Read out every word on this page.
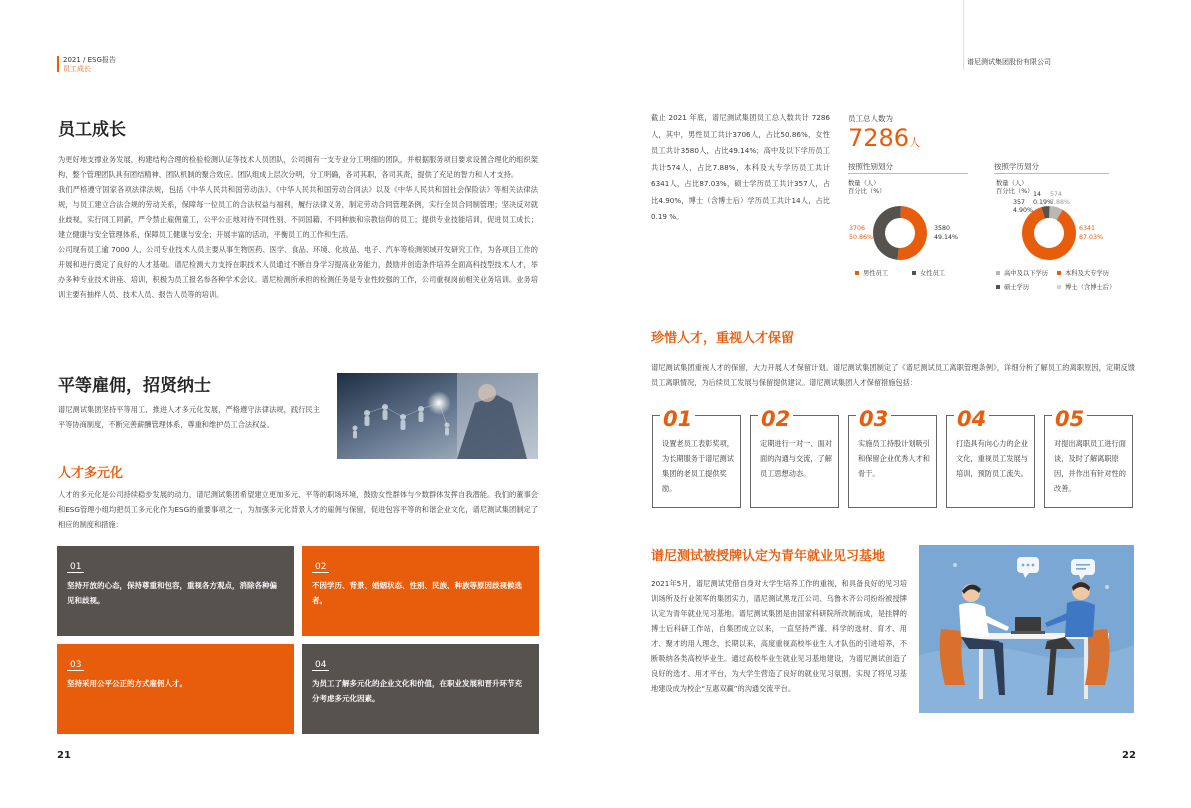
2021 / ESG报告
员工成长
谱尼测试集团股份有限公司
员工成长

为更好地支撑业务发展，构建结构合理的检验检测认证等技术人员团队，公司拥有一支专业分工明细的团队，并根据服务项目要求设置合理化的组织架构，整个管理团队具有团结精神、团队机制的聚合效应。团队组成上层次分明，分工明确，各司其职，各司其责，提供了充足的智力和人才支持。

我们严格遵守国家各项法律法规，包括《中华人民共和国劳动法》、《中华人民共和国劳动合同法》以及《中华人民共和国社会保险法》等相关法律法规，与员工建立合法合规的劳动关系，保障每一位员工的合法权益与福利，履行法律义务，制定劳动合同管理条例，实行全员合同制管理；坚决反对就业歧视，实行同工同薪，严令禁止雇佣童工，公平公正地对待不同性别、不同国籍、不同种族和宗教信仰的员工；提供专业技能培训，促进员工成长；建立健康与安全管理体系，保障员工健康与安全；开展丰富的活动，平衡员工的工作和生活。

公司现有员工逾 7000 人，公司专业技术人员主要从事生物医药、医学、食品、环境、化妆品、电子、汽车等检测领域开发研究工作，为各项目工作的开展和进行奠定了良好的人才基础。谱尼检测大力支持在职技术人员通过不断自身学习提高业务能力，鼓励并创造条件培养全面高科技型技术人才，举办多种专业技术讲座、培训，积极为员工报名参各种学术会议。谱尼检测所承担的检测任务是专业性较强的工作，公司重视岗前相关业务培训。业务培训主要有抽样人员、技术人员、报告人员等的培训。

平等雇佣，招贤纳士
谱尼测试集团坚持平等用工，推进人才多元化发展，严格遵守法律法规，践行民主平等协商制度，不断完善薪酬管理体系，尊重和维护员工合法权益。
人才多元化
人才的多元化是公司持续稳步发展的动力，谱尼测试集团希望建立更加多元、平等的职场环境，鼓励女性群体与少数群体发挥自我潜能。我们的董事会和ESG管理小组均把员工多元化作为ESG的重要事项之一，为加强多元化背景人才的雇佣与保留，促进包容平等的和谐企业文化，谱尼测试集团制定了相应的制度和措施：
01
坚持开放的心态，保持尊重和包容，重视各方观点，消除各种偏见和歧视。
02
不因学历、背景、婚姻状态、性别、民族、种族等原因歧视候选者。
03
坚持采用公平公正的方式雇佣人才。
04
为员工了解多元化的企业文化和价值，在职业发展和晋升环节充分考虑多元化因素。
21
截止 2021 年底，谱尼测试集团员工总人数共计 7286人，其中，男性员工共计3706人，占比50.86%，女性员工共计3580人，占比49.14%；高中及以下学历员工共计574人，占比7.88%，本科及大专学历员工共计6341人，占比87.03%，硕士学历员工共计357人，占比4.90%，博士（含博士后）学历员工共计14人，占比 0.19 %。
员工总人数为
7286人
按照性别划分
数量（人）
百分比（%）
3706
50.86%
3580
49.14%
男性员工	女性员工
按照学历划分
数量（人）
百分比（%）
357
4.90%
14
0.19%
574
7.88%
6341
87.03%
高中及以下学历	本科及大专学历
硕士学历	博士（含博士后）
珍惜人才，重视人才保留
谱尼测试集团重视人才的保留，大力开展人才保留计划。谱尼测试集团制定了《谱尼测试员工离职管理条例》，详细分析了解员工的离职原因，定期反馈员工离职情况，为后续员工发展与保留提供建议。谱尼测试集团人才保留措施包括：
01
设置老员工表彰奖项，为长期服务于谱尼测试集团的老员工提供奖励。
02
定期进行一对一、面对面的沟通与交流，了解员工思想动态。
03
实施员工持股计划吸引和保留企业优秀人才和骨干。
04
打造具有向心力的企业文化，重视员工发展与培训，预防员工流失。
05
对提出离职员工进行面谈，及时了解离职原因，并作出有针对性的改善。
谱尼测试被授牌认定为青年就业见习基地
2021年5月，谱尼测试凭借自身对大学生培养工作的重视，和具备良好的见习培训场所及行业领军的集团实力，谱尼测试黑龙江公司、乌鲁木齐公司纷纷被授牌认定为青年就业见习基地。谱尼测试集团是由国家科研院所改制而成，是挂牌的博士后科研工作站，自集团成立以来，一直坚持严谨、科学的选材、育才、用才、聚才的用人理念，长期以来，高度重视高校毕业生人才队伍的引进培养，不断吸纳各类高校毕业生。通过高校毕业生就业见习基地建设，为谱尼测试创造了良好的选才、用才平台，为大学生营造了良好的就业见习氛围，实现了将见习基地建设成为校企“互惠双赢”的沟通交流平台。
22
